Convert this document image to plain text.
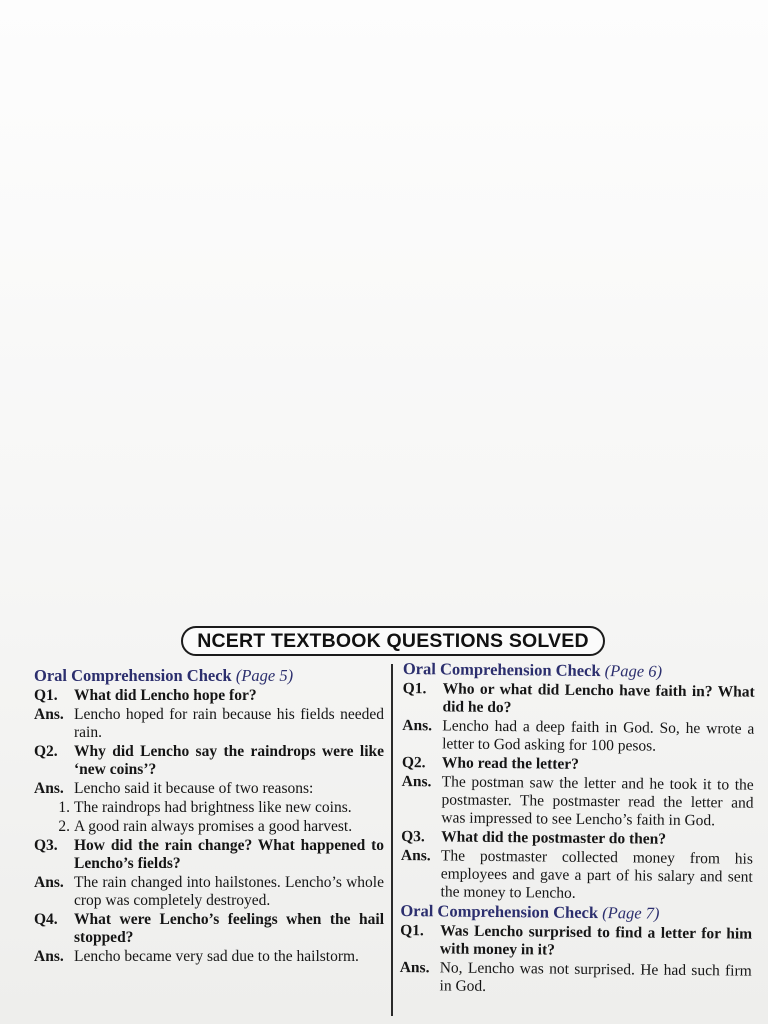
NCERT TEXTBOOK QUESTIONS SOLVED
Oral Comprehension Check (Page 5)
Q1.	What did Lencho hope for?
Ans. Lencho hoped for rain because his fields needed rain.
Q2.	Why did Lencho say the raindrops were like ‘new coins’?
Ans. Lencho said it because of two reasons:
1. The raindrops had brightness like new coins.
2. A good rain always promises a good harvest.
Q3.	How did the rain change? What happened to Lencho’s fields?
Ans. The rain changed into hailstones. Lencho’s whole crop was completely destroyed.
Q4.	What were Lencho’s feelings when the hail stopped?
Ans. Lencho became very sad due to the hailstorm.
Oral Comprehension Check (Page 6)
Q1.	Who or what did Lencho have faith in? What did he do?
Ans. Lencho had a deep faith in God. So, he wrote a letter to God asking for 100 pesos.
Q2.	Who read the letter?
Ans. The postman saw the letter and he took it to the postmaster. The postmaster read the letter and was impressed to see Lencho’s faith in God.
Q3.	What did the postmaster do then?
Ans. The postmaster collected money from his employees and gave a part of his salary and sent the money to Lencho.
Oral Comprehension Check (Page 7)
Q1.	Was Lencho surprised to find a letter for him with money in it?
Ans. No, Lencho was not surprised. He had such firm in God.
